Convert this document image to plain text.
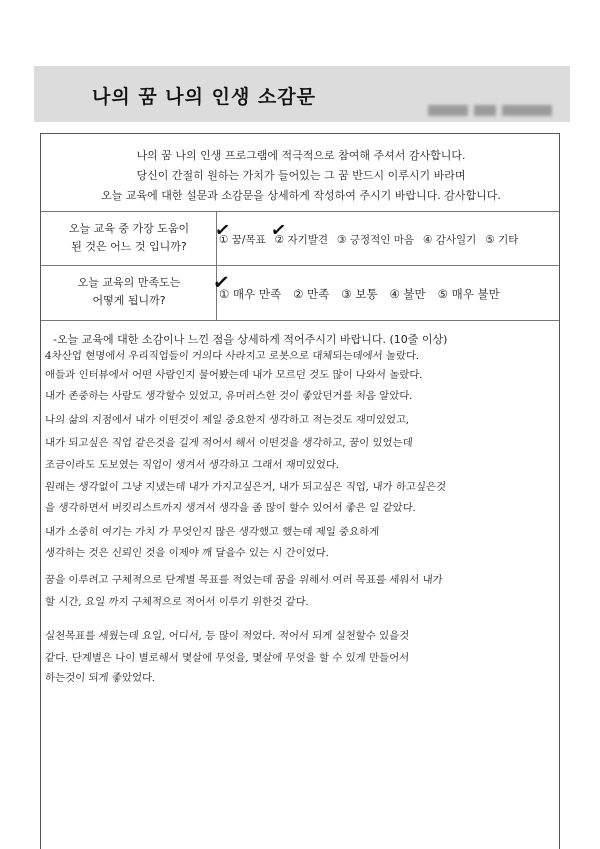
나의 꿈 나의 인생 소감문
나의 꿈 나의 인생 프로그램에 적극적으로 참여해 주셔서 감사합니다.
당신이 간절히 원하는 가치가 들어있는 그 꿈 반드시 이루시기 바라며
오늘 교육에 대한 설문과 소감문을 상세하게 작성하여 주시기 바랍니다. 감사합니다.
오늘 교육 중 가장 도움이
된 것은 어느 것 입니까?
✓
① 꿈/목표 ✓
② 자기발견 ③ 긍정적인 마음 ④ 감사일기 ⑤ 기타
오늘 교육의 만족도는
어떻게 됩니까?
✓
① 매우 만족 ② 만족 ③ 보통 ④ 불만 ⑤ 매우 불만
-오늘 교육에 대한 소감이나 느낀 점을 상세하게 적어주시기 바랍니다. (10줄 이상)
4차산업 현명에서 우리직업들이 거의다 사라지고 로봇으로 대체되는데에서 놀랐다.
애들과 인터뷰에서 어떤 사람인지 물어봤는데 내가 모르던 것도 많이 나와서 놀랐다.
내가 존중하는 사람도 생각할수 있었고, 유머러스한 것이 좋았던거를 처음 알았다.
나의 삶의 지점에서 내가 이떤것이 제일 중요한지 생각하고 적는것도 재미있었고,
내가 되고싶은 직업 같은것을 길게 적어서 해서 이떤것을 생각하고, 꿈이 있었는데
조금이라도 도보였는 직업이 생겨서 생각하고 그래서 재미있었다.
원래는 생각없이 그냥 지냈는데 내가 가지고싶은거, 내가 되고싶은 직업, 내가 하고싶은것
을 생각하면서 버킷리스트까지 생겨서 생각을 좀 많이 할수 있어서 좋은 일 같았다.
내가 소중히 여기는 가치 가 무엇인지 많은 생각했고 했는데 제일 중요하게
생각하는 것은 신뢰인 것을 이제야 깨 달을수 있는 시 간이었다.
꿈을 이루려고 구체적으로 단계별 목표를 적었는데 꿈을 위해서 여러 목표를 세워서 내가
할 시간, 요일 까지 구체적으로 적어서 이루기 위한것 같다.
실천목표를 세웠는데 요일, 어디서, 등 많이 적었다. 적어서 되게 실천할수 있을것
같다. 단계별은 나이 별로해서 몇살에 무엇을, 몇살에 무엇을 할 수 있게 만들어서
하는것이 되게 좋았었다.
